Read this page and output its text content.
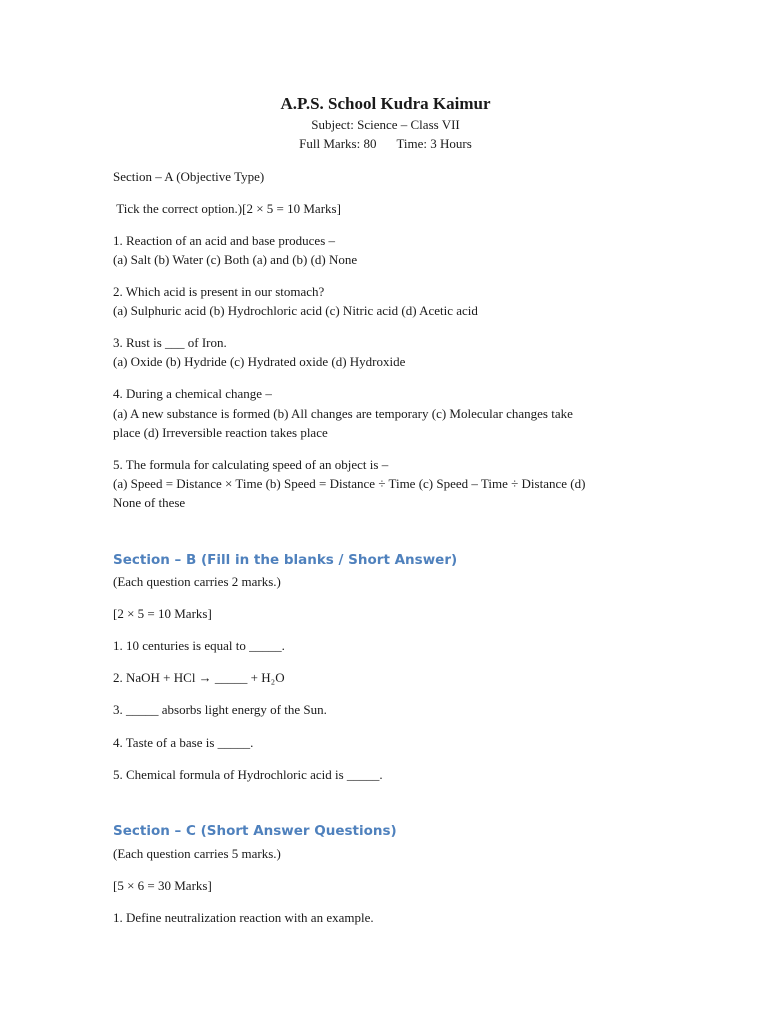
A.P.S. School Kudra Kaimur

Subject: Science – Class VII

Full Marks: 80 Time: 3 Hours

Section – A (Objective Type)

Tick the correct option.)[2 × 5 = 10 Marks]

1. Reaction of an acid and base produces –

(a) Salt (b) Water (c) Both (a) and (b) (d) None

2. Which acid is present in our stomach?

(a) Sulphuric acid (b) Hydrochloric acid (c) Nitric acid (d) Acetic acid

3. Rust is ___ of Iron.

(a) Oxide (b) Hydride (c) Hydrated oxide (d) Hydroxide

4. During a chemical change –

(a) A new substance is formed (b) All changes are temporary (c) Molecular changes take

place (d) Irreversible reaction takes place

5. The formula for calculating speed of an object is –

(a) Speed = Distance × Time (b) Speed = Distance ÷ Time (c) Speed – Time ÷ Distance (d)

None of these

Section – B (Fill in the blanks / Short Answer)

(Each question carries 2 marks.)

[2 × 5 = 10 Marks]

1. 10 centuries is equal to _____.

2. NaOH + HCl → _____ + H₂O

3. _____ absorbs light energy of the Sun.

4. Taste of a base is _____.

5. Chemical formula of Hydrochloric acid is _____.

Section – C (Short Answer Questions)

(Each question carries 5 marks.)

[5 × 6 = 30 Marks]

1. Define neutralization reaction with an example.
